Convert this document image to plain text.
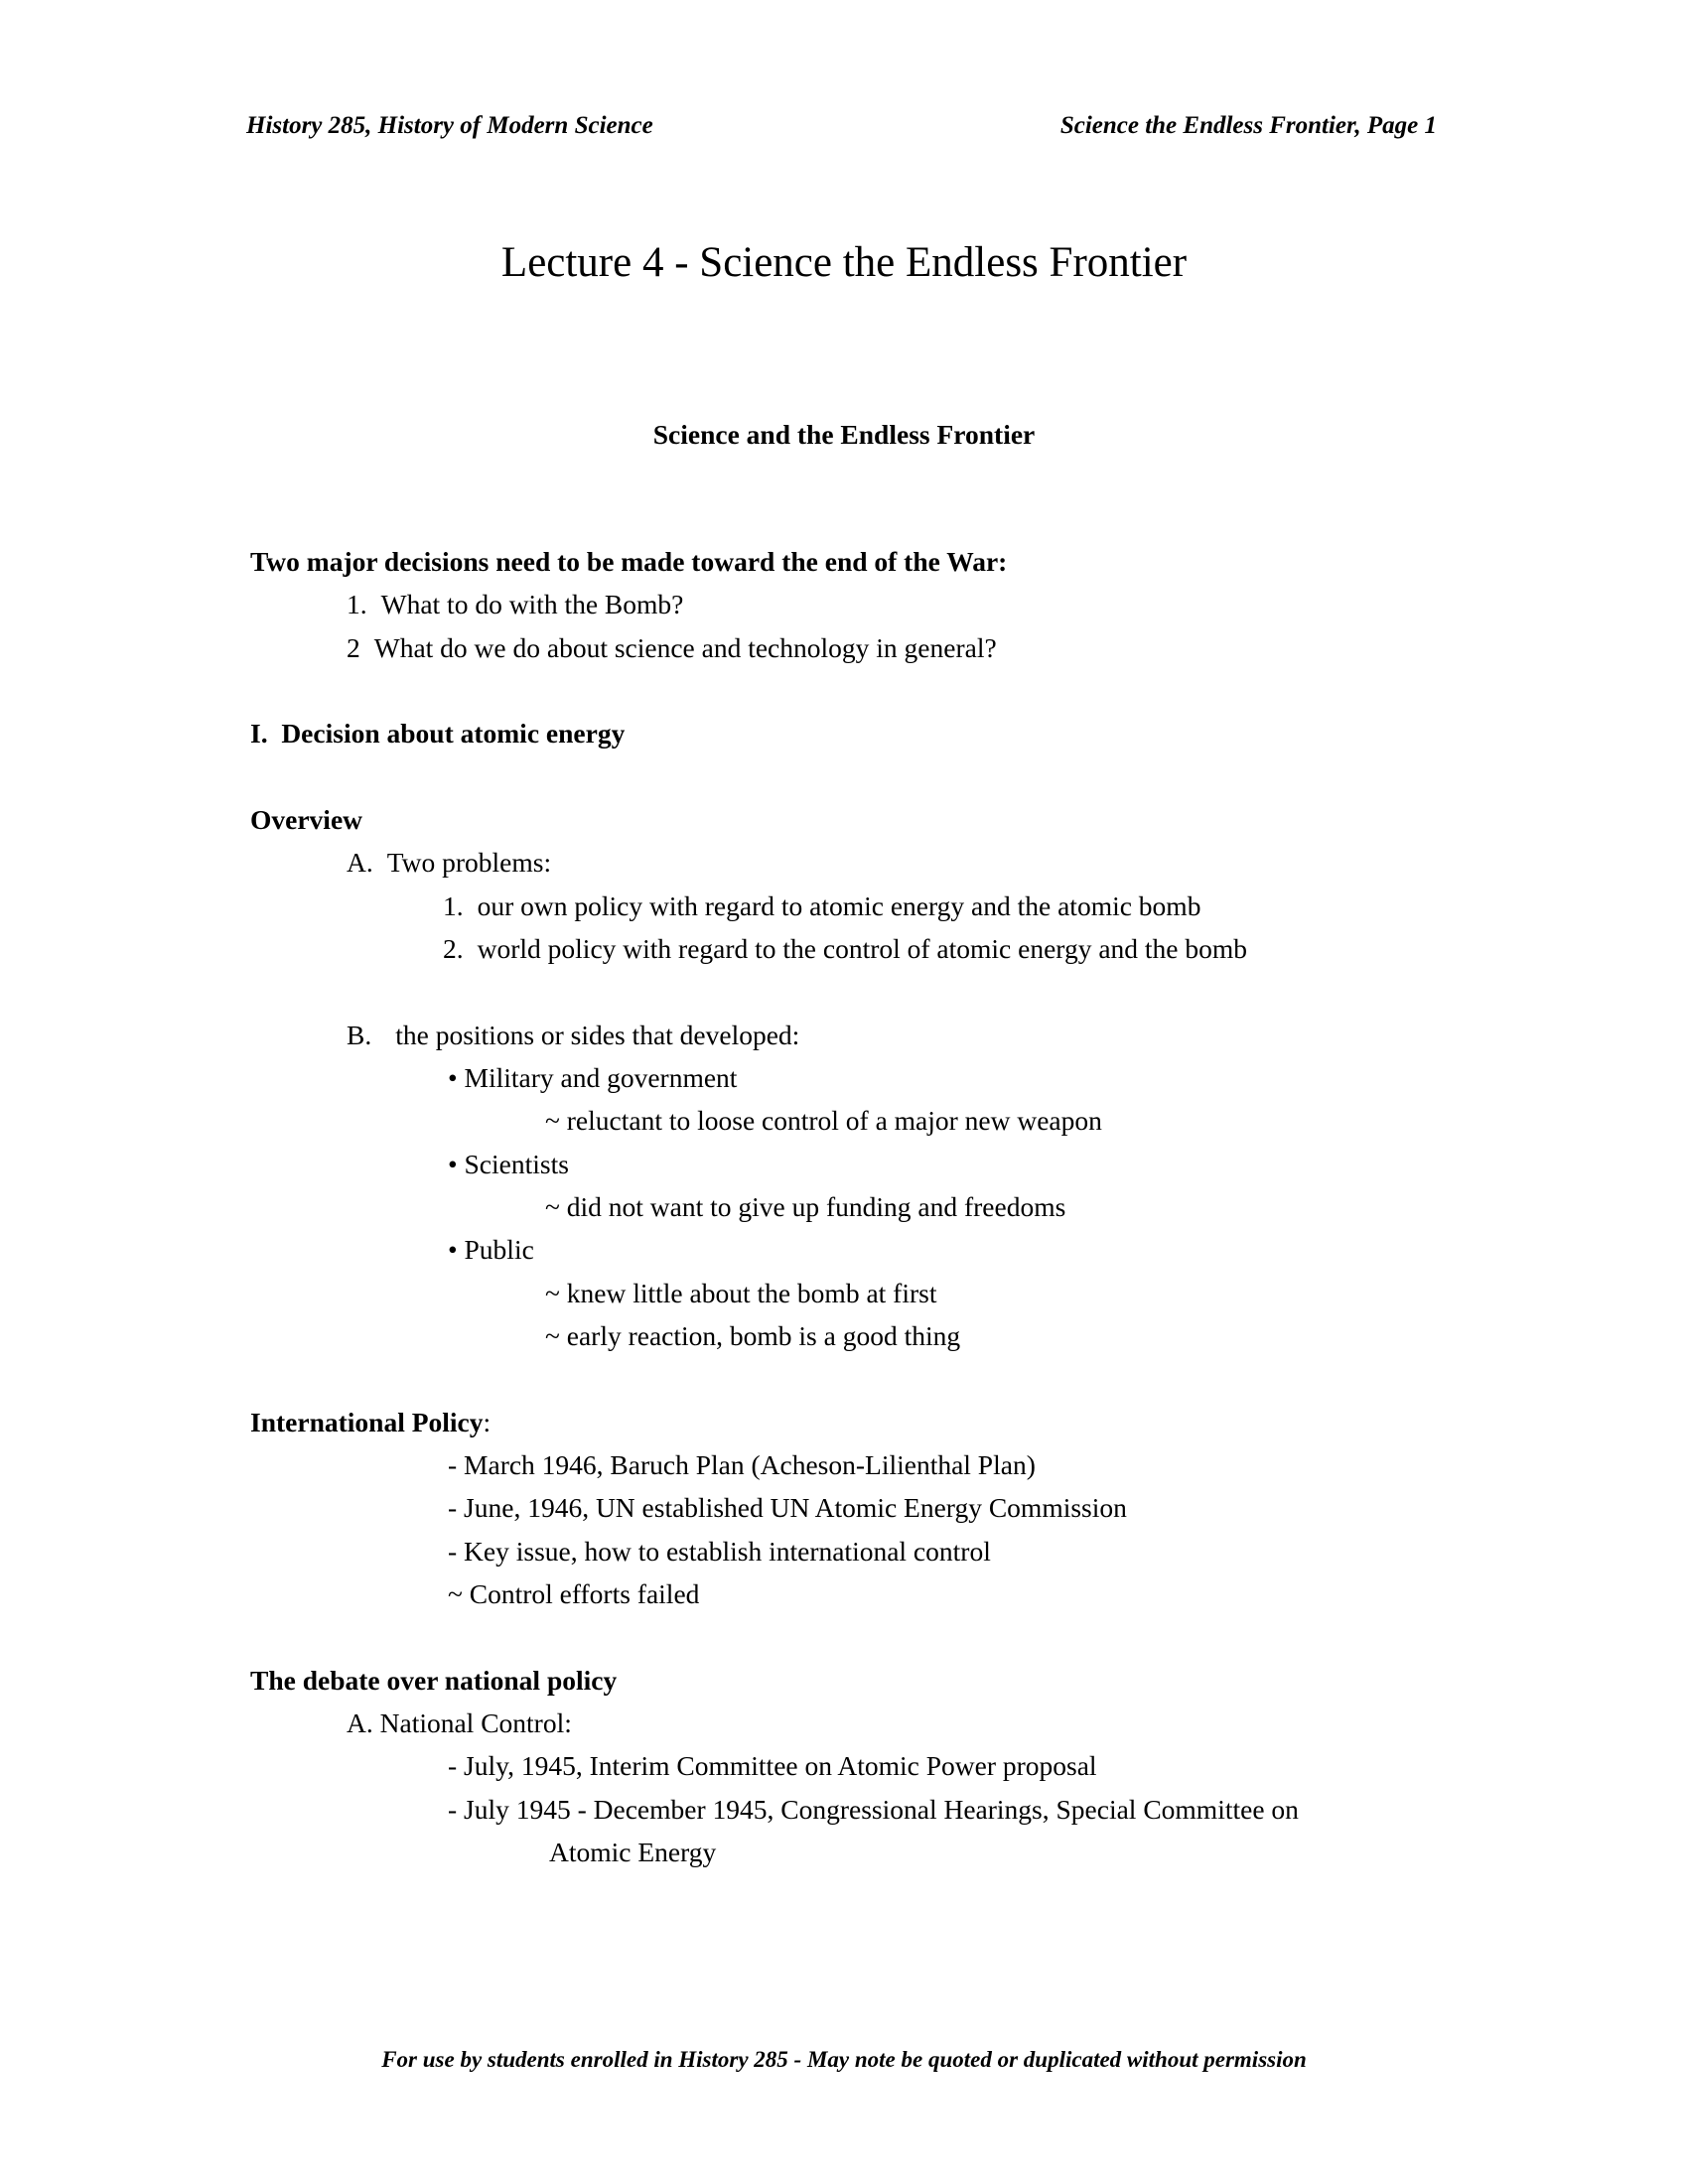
History 285, History of Modern Science	Science the Endless Frontier, Page 1
Lecture 4 - Science the Endless Frontier
Science and the Endless Frontier
Two major decisions need to be made toward the end of the War:
1. What to do with the Bomb?
2 What do we do about science and technology in general?
I.  Decision about atomic energy
Overview
A. Two problems:
1. our own policy with regard to atomic energy and the atomic bomb
2. world policy with regard to the control of atomic energy and the bomb
B. the positions or sides that developed:
• Military and government
~ reluctant to loose control of a major new weapon
• Scientists
~ did not want to give up funding and freedoms
• Public
~ knew little about the bomb at first
~ early reaction, bomb is a good thing
International Policy:
- March 1946, Baruch Plan (Acheson-Lilienthal Plan)
- June, 1946, UN established UN Atomic Energy Commission
- Key issue, how to establish international control
~ Control efforts failed
The debate over national policy
A. National Control:
- July, 1945, Interim Committee on Atomic Power proposal
- July 1945 - December 1945, Congressional Hearings, Special Committee on
Atomic Energy
For use by students enrolled in History 285 - May note be quoted or duplicated without permission
